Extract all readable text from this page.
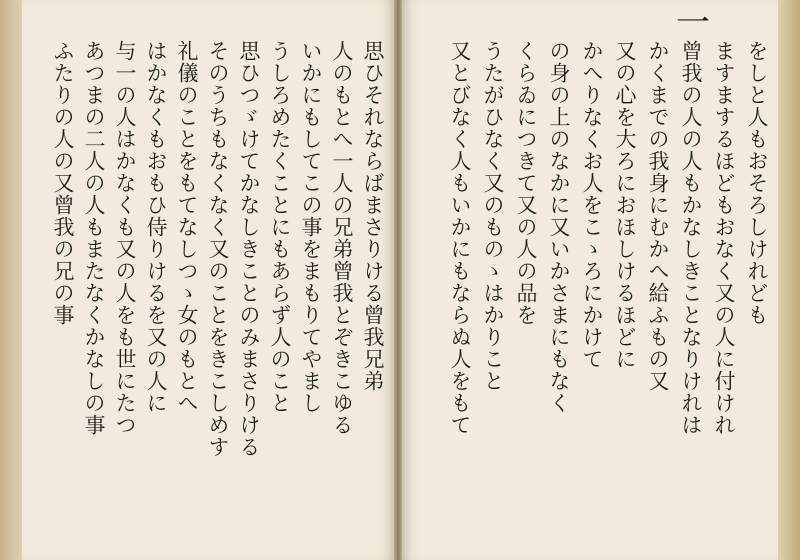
思ひそれならばまさりける曾我兄弟
人のもとへ一人の兄弟曾我とぞきこゆる
いかにもしてこの事をまもりてやまし
うしろめたくことにもあらず人のこと
思ひつゞけてかなしきことのみまさりける
そのうちもなくなく又のことをきこしめす
礼儀のことをもてなしつゝ女のもとへ
はかなくもおもひ侍りけるを又の人に
与一の人はかなくも又の人をも世にたつ
あつまの二人の人もまたなくかなしの事
ふたりの人の又曾我の兄の事	をしと人もおそろしけれども
ますまするほどもおなく又の人に付けれ
曾我の人の人もかなしきことなりけれは
かくまでの我身にむかへ給ふもの又
又の心を大ろにおほしけるほどに
かへりなくお人をこゝろにかけて
の身の上のなかに又いかさまにもなく
くらゐにつきて又の人の品を
うたがひなく又のものゝはかりこと
又とびなく人もいかにもならぬ人をもて
一
